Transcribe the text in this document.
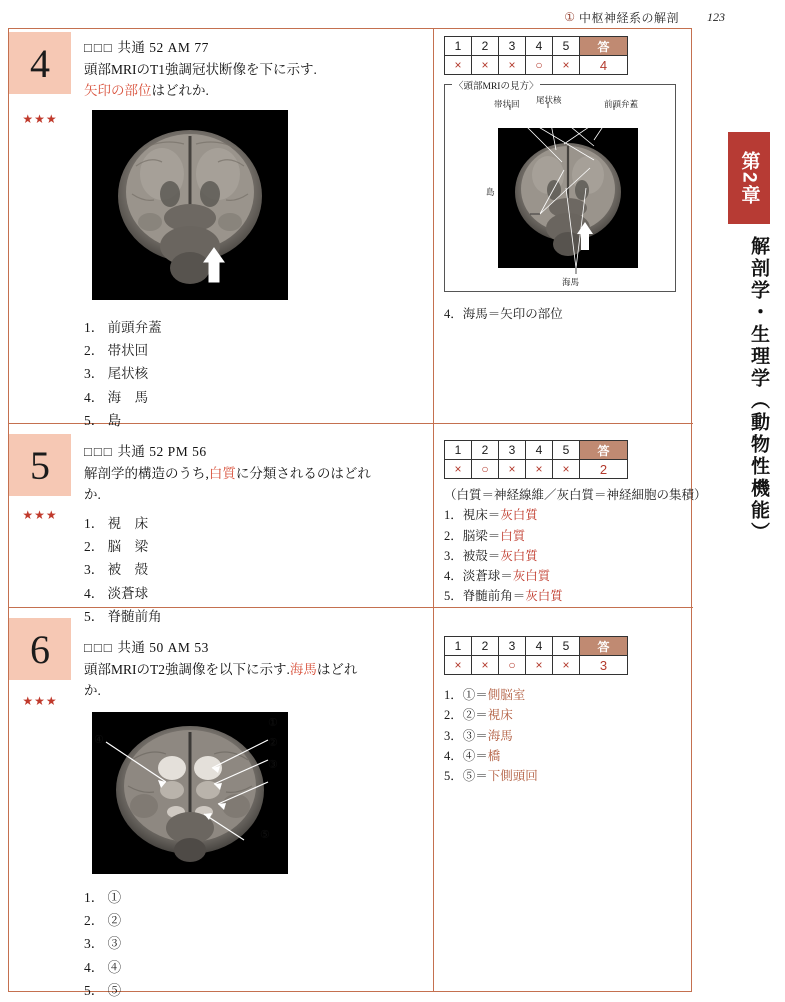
① 中枢神経系の解剖 123
第2章
解剖学・生理学（動物性機能）
4
★★★
□□□ 共通 52 AM 77
頭部MRIのT1強調冠状断像を下に示す.
矢印の部位はどれか.
1． 前頭弁蓋
2． 帯状回
3． 尾状核
4． 海　馬
5． 島
1	2	3	4	5	答
×	×	×	○	×	4
〈頭部MRIの見方〉
島
帯状回 尾状核	前頭弁蓋
海馬
4．海馬＝矢印の部位
5
★★★
□□□ 共通 52 PM 56
解剖学的構造のうち,白質に分類されるのはどれ
か.
1． 視　床
2． 脳　梁
3． 被　殻
4． 淡蒼球
5． 脊髄前角
1	2	3	4	5	答
×	○	×	×	×	2
（白質＝神経線維／灰白質＝神経細胞の集積）
1．視床＝灰白質
2．脳梁＝白質
3．被殻＝灰白質
4．淡蒼球＝灰白質
5．脊髄前角＝灰白質
6
★★★
□□□ 共通 50 AM 53
頭部MRIのT2強調像を以下に示す.海馬はどれ
か.
①
②
③
④
⑤
1． ①
2． ②
3． ③
4． ④
5． ⑤
1	2	3	4	5	答
×	×	○	×	×	3
1．①＝側脳室
2．②＝視床
3．③＝海馬
4．④＝橋
5．⑤＝下側頭回
